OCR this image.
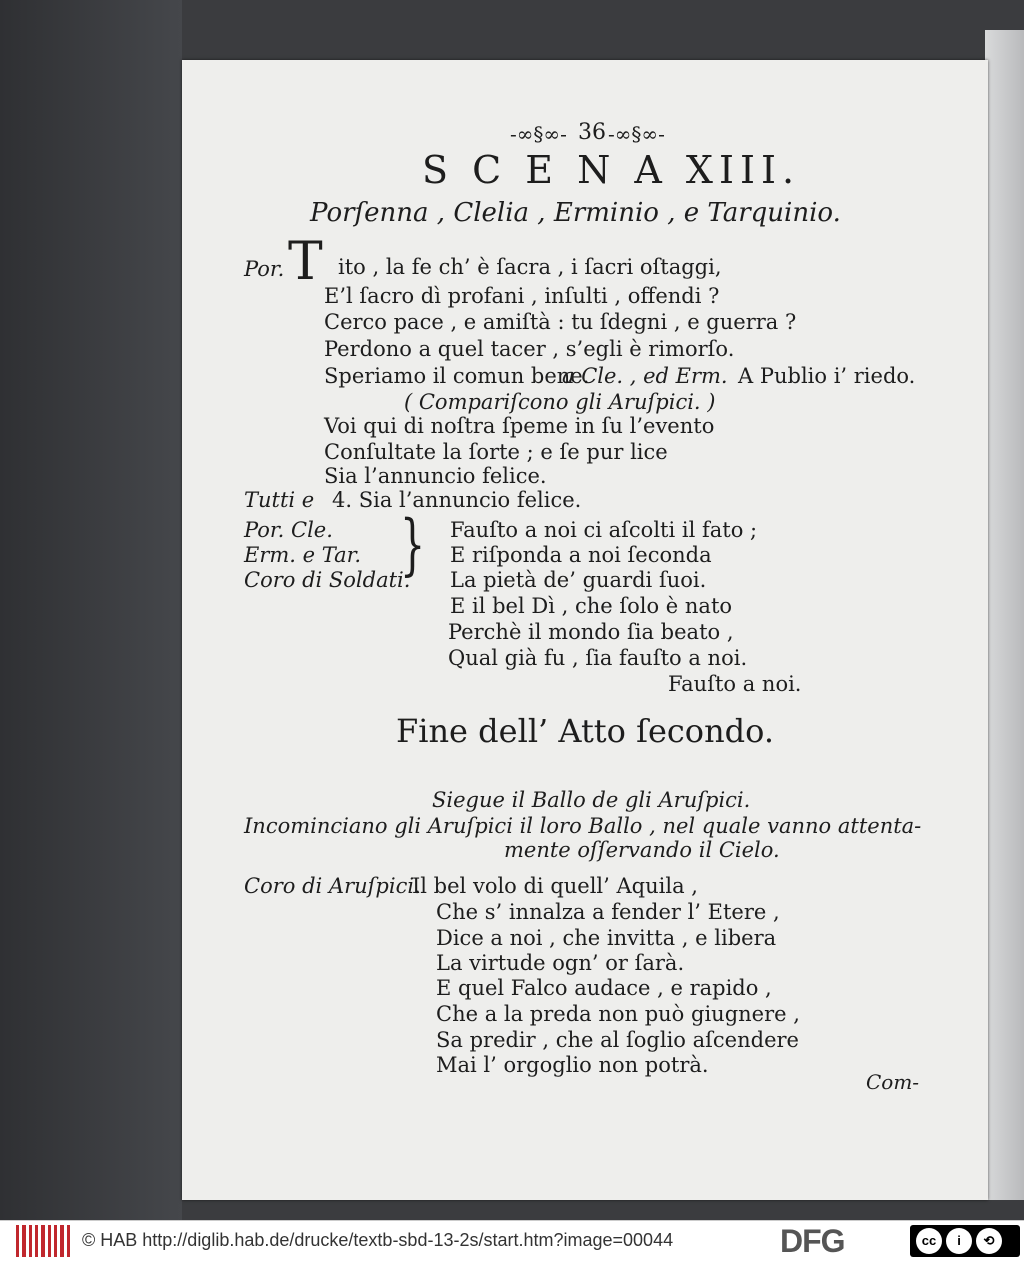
-∞§∞- 36 -∞§∞-
S C E N A XIII.
Porſenna , Clelia , Erminio , e Tarquinio.
Por. T ito , la fe ch’ è ſacra , i ſacri oſtaggi,
E’l ſacro dì profani , inſulti , offendi ?
Cerco pace , e amiſtà : tu ſdegni , e guerra ?
Perdono a quel tacer , s’egli è rimorſo.
Speriamo il comun bene.
a Cle. , ed Erm. A Publio i’ riedo.
( Compariſcono gli Aruſpici. )
Voi qui di noſtra ſpeme in ſu l’evento
Conſultate la ſorte ; e ſe pur lice
Sia l’annuncio felice.
Tutti e 4. Sia l’annuncio felice.
Por. Cle.
Erm. e Tar.
Coro di Soldati.
} Fauſto a noi ci aſcolti il fato ;
E riſponda a noi ſeconda
La pietà de’ guardi ſuoi.
E il bel Dì , che ſolo è nato
Perchè il mondo ſia beato ,
Qual già fu , ſia fauſto a noi.
Fauſto a noi.
Fine dell’ Atto ſecondo.
Siegue il Ballo de gli Aruſpici.
Incominciano gli Aruſpici il loro Ballo , nel quale vanno attenta-
mente oſſervando il Cielo.
Coro di Aruſpici.
Il bel volo di quell’ Aquila ,
Che s’ innalza a fender l’ Etere ,
Dice a noi , che invitta , e libera
La virtude ogn’ or ſarà.
E quel Falco audace , e rapido ,
Che a la preda non può giugnere ,
Sa predir , che al ſoglio aſcendere
Mai l’ orgoglio non potrà.
Com-
© HAB http://diglib.hab.de/drucke/textb-sbd-13-2s/start.htm?image=00044	DFG	cc	i	⟲
